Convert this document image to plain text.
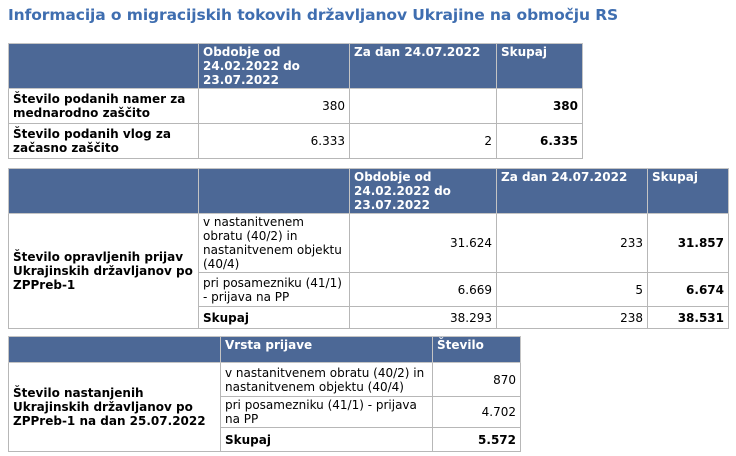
Informacija o migracijskih tokovih državljanov Ukrajine na območju RS
	Obdobje od 24.02.2022 do 23.07.2022	Za dan 24.07.2022	Skupaj
Število podanih namer za mednarodno zaščito	380		380
Število podanih vlog za začasno zaščito	6.333	2	6.335
		Obdobje od 24.02.2022 do 23.07.2022	Za dan 24.07.2022	Skupaj
Število opravljenih prijav Ukrajinskih državljanov po ZPPreb-1	v nastanitvenem obratu (40/2) in nastanitvenem objektu (40/4)	31.624	233	31.857
	pri posamezniku (41/1) - prijava na PP	6.669	5	6.674
	Skupaj	38.293	238	38.531
	Vrsta prijave	Število
Število nastanjenih Ukrajinskih državljanov po ZPPreb-1 na dan 25.07.2022	v nastanitvenem obratu (40/2) in nastanitvenem objektu (40/4)	870
	pri posamezniku (41/1) - prijava na PP	4.702
	Skupaj	5.572
